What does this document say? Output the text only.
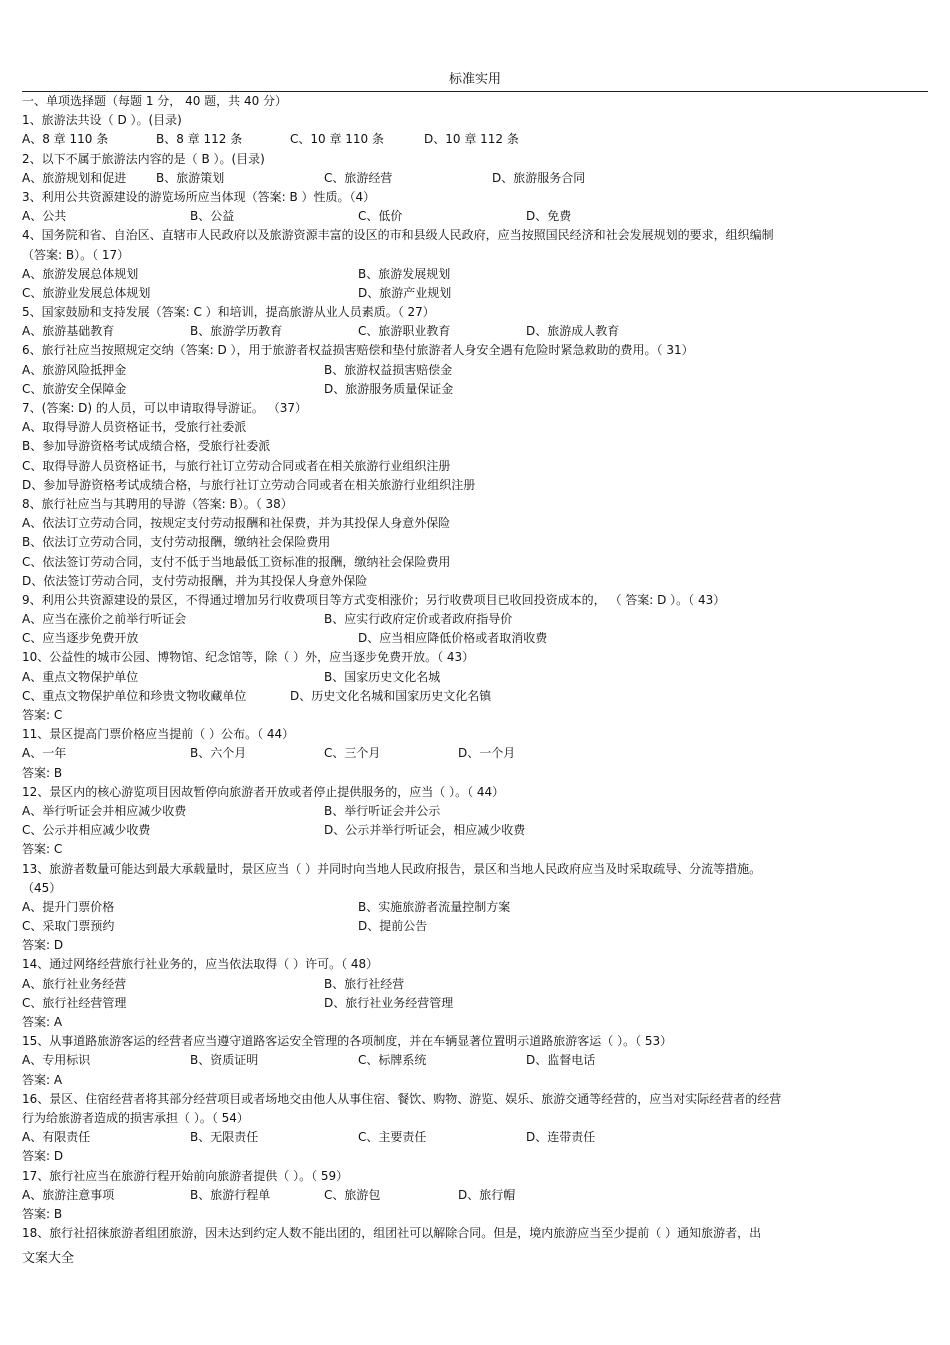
标准实用
一、单项选择题（每题 1 分， 40 题，共 40 分）
1、旅游法共设（ D ）。(目录)
A、8 章 110 条	B、8 章 112 条	C、10 章 110 条	D、10 章 112 条
2、以下不属于旅游法内容的是（ B ）。(目录)
A、旅游规划和促进	B、旅游策划	C、旅游经营	D、旅游服务合同
3、利用公共资源建设的游览场所应当体现（答案: B ）性质。（4）
A、公共	B、公益	C、低价	D、免费
4、国务院和省、自治区、直辖市人民政府以及旅游资源丰富的设区的市和县级人民政府，应当按照国民经济和社会发展规划的要求，组织编制
（答案: B）。（ 17）
A、旅游发展总体规划	B、旅游发展规划
C、旅游业发展总体规划	D、旅游产业规划
5、国家鼓励和支持发展（答案: C ）和培训，提高旅游从业人员素质。（ 27）
A、旅游基础教育	B、旅游学历教育	C、旅游职业教育	D、旅游成人教育
6、旅行社应当按照规定交纳（答案: D ），用于旅游者权益损害赔偿和垫付旅游者人身安全遇有危险时紧急救助的费用。（ 31）
A、旅游风险抵押金	B、旅游权益损害赔偿金
C、旅游安全保障金	D、旅游服务质量保证金
7、(答案: D) 的人员，可以申请取得导游证。 （37）
A、取得导游人员资格证书，受旅行社委派
B、参加导游资格考试成绩合格，受旅行社委派
C、取得导游人员资格证书，与旅行社订立劳动合同或者在相关旅游行业组织注册
D、参加导游资格考试成绩合格，与旅行社订立劳动合同或者在相关旅游行业组织注册
8、旅行社应当与其聘用的导游（答案: B）。（ 38）
A、依法订立劳动合同，按规定支付劳动报酬和社保费，并为其投保人身意外保险
B、依法订立劳动合同，支付劳动报酬，缴纳社会保险费用
C、依法签订劳动合同，支付不低于当地最低工资标准的报酬，缴纳社会保险费用
D、依法签订劳动合同，支付劳动报酬，并为其投保人身意外保险
9、利用公共资源建设的景区，不得通过增加另行收费项目等方式变相涨价；另行收费项目已收回投资成本的， （ 答案: D ）。（ 43）
A、应当在涨价之前举行听证会	B、应实行政府定价或者政府指导价
C、应当逐步免费开放	D、应当相应降低价格或者取消收费
10、公益性的城市公园、博物馆、纪念馆等，除（ ）外，应当逐步免费开放。（ 43）
A、重点文物保护单位	B、国家历史文化名城
C、重点文物保护单位和珍贵文物收藏单位	D、历史文化名城和国家历史文化名镇
答案: C
11、景区提高门票价格应当提前（ ）公布。（ 44）
A、一年	B、六个月	C、三个月	D、一个月
答案: B
12、景区内的核心游览项目因故暂停向旅游者开放或者停止提供服务的，应当（ ）。（ 44）
A、举行听证会并相应减少收费	B、举行听证会并公示
C、公示并相应减少收费	D、公示并举行听证会，相应减少收费
答案: C
13、旅游者数量可能达到最大承载量时，景区应当（ ）并同时向当地人民政府报告，景区和当地人民政府应当及时采取疏导、分流等措施。
（45）
A、提升门票价格	B、实施旅游者流量控制方案
C、采取门票预约	D、提前公告
答案: D
14、通过网络经营旅行社业务的，应当依法取得（ ）许可。（ 48）
A、旅行社业务经营	B、旅行社经营
C、旅行社经营管理	D、旅行社业务经营管理
答案: A
15、从事道路旅游客运的经营者应当遵守道路客运安全管理的各项制度，并在车辆显著位置明示道路旅游客运（ ）。（ 53）
A、专用标识	B、资质证明	C、标牌系统	D、监督电话
答案: A
16、景区、住宿经营者将其部分经营项目或者场地交由他人从事住宿、餐饮、购物、游览、娱乐、旅游交通等经营的，应当对实际经营者的经营
行为给旅游者造成的损害承担（ ）。（ 54）
A、有限责任	B、无限责任	C、主要责任	D、连带责任
答案: D
17、旅行社应当在旅游行程开始前向旅游者提供（ ）。（ 59）
A、旅游注意事项	B、旅游行程单	C、旅游包	D、旅行帽
答案: B
18、旅行社招徕旅游者组团旅游，因未达到约定人数不能出团的，组团社可以解除合同。但是，境内旅游应当至少提前（ ）通知旅游者，出
文案大全
